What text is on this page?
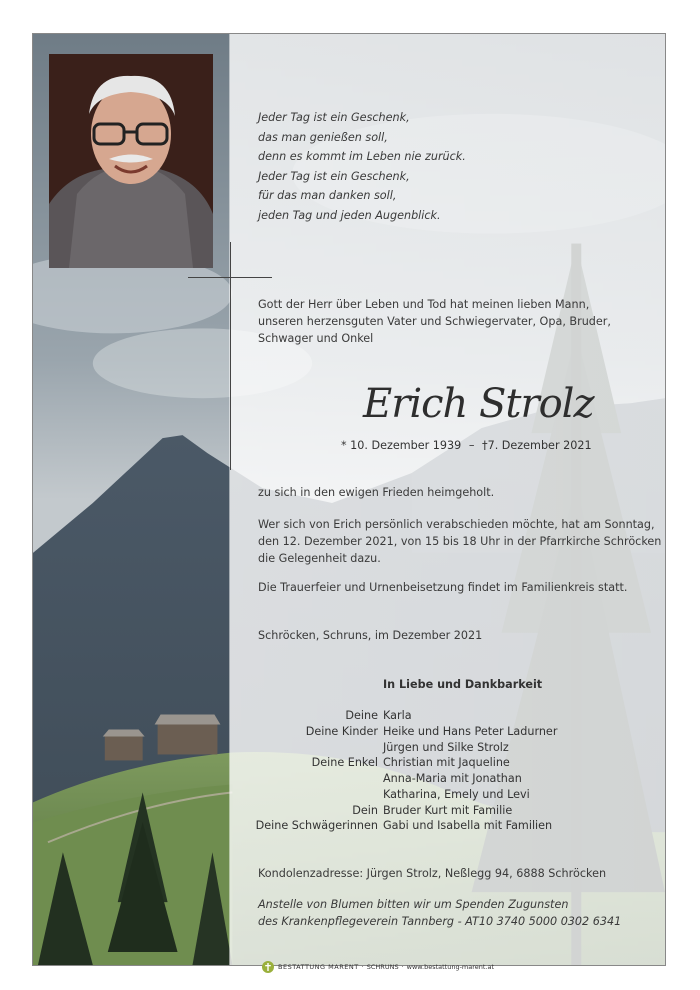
Jeder Tag ist ein Geschenk,
das man genießen soll,
denn es kommt im Leben nie zurück.
Jeder Tag ist ein Geschenk,
für das man danken soll,
jeden Tag und jeden Augenblick.
Gott der Herr über Leben und Tod hat meinen lieben Mann,
unseren herzensguten Vater und Schwiegervater, Opa, Bruder,
Schwager und Onkel
Erich Strolz
* 10. Dezember 1939 – †7. Dezember 2021
zu sich in den ewigen Frieden heimgeholt.
Wer sich von Erich persönlich verabschieden möchte, hat am Sonntag,
den 12. Dezember 2021, von 15 bis 18 Uhr in der Pfarrkirche Schröcken
die Gelegenheit dazu.
Die Trauerfeier und Urnenbeisetzung findet im Familienkreis statt.
Schröcken, Schruns, im Dezember 2021
In Liebe und Dankbarkeit
Deine
Deine Kinder
Deine Enkel
Dein
Deine Schwägerinnen
Karla
Heike und Hans Peter Ladurner
Jürgen und Silke Strolz
Christian mit Jaqueline
Anna-Maria mit Jonathan
Katharina, Emely und Levi
Bruder Kurt mit Familie
Gabi und Isabella mit Familien
Kondolenzadresse: Jürgen Strolz, Neßlegg 94, 6888 Schröcken
Anstelle von Blumen bitten wir um Spenden Zugunsten
des Krankenpflegeverein Tannberg - AT10 3740 5000 0302 6341
BESTATTUNG MARENT · SCHRUNS · www.bestattung-marent.at
